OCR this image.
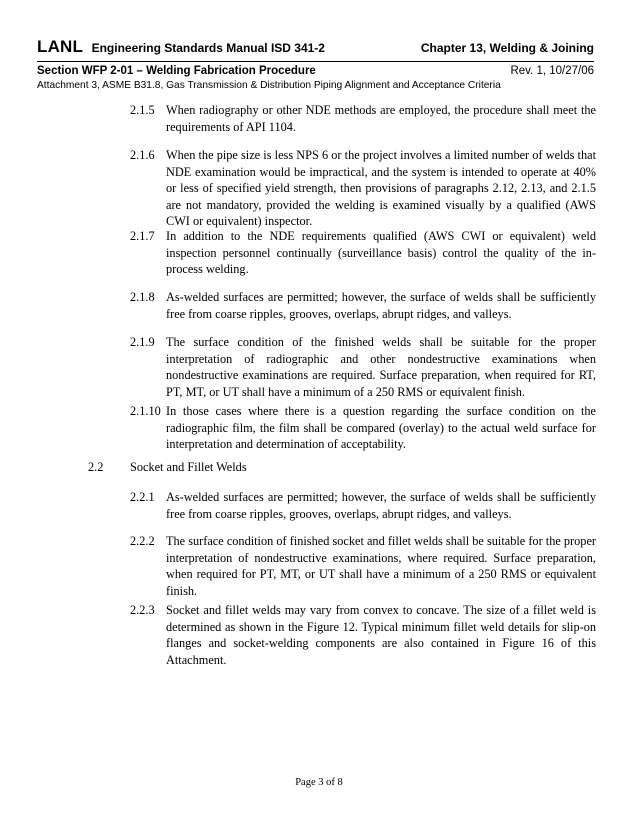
LANL Engineering Standards Manual ISD 341-2	Chapter 13, Welding & Joining
Section WFP 2-01 – Welding Fabrication Procedure	Rev. 1, 10/27/06
Attachment 3, ASME B31.8, Gas Transmission & Distribution Piping Alignment and Acceptance Criteria
2.1.5 When radiography or other NDE methods are employed, the procedure shall meet the requirements of API 1104.
2.1.6 When the pipe size is less NPS 6 or the project involves a limited number of welds that NDE examination would be impractical, and the system is intended to operate at 40% or less of specified yield strength, then provisions of paragraphs 2.12, 2.13, and 2.1.5 are not mandatory, provided the welding is examined visually by a qualified (AWS CWI or equivalent) inspector.
2.1.7 In addition to the NDE requirements qualified (AWS CWI or equivalent) weld inspection personnel continually (surveillance basis) control the quality of the in-process welding.
2.1.8 As-welded surfaces are permitted; however, the surface of welds shall be sufficiently free from coarse ripples, grooves, overlaps, abrupt ridges, and valleys.
2.1.9 The surface condition of the finished welds shall be suitable for the proper interpretation of radiographic and other nondestructive examinations when nondestructive examinations are required. Surface preparation, when required for RT, PT, MT, or UT shall have a minimum of a 250 RMS or equivalent finish.
2.1.10 In those cases where there is a question regarding the surface condition on the radiographic film, the film shall be compared (overlay) to the actual weld surface for interpretation and determination of acceptability.
2.2 Socket and Fillet Welds
2.2.1 As-welded surfaces are permitted; however, the surface of welds shall be sufficiently free from coarse ripples, grooves, overlaps, abrupt ridges, and valleys.
2.2.2 The surface condition of finished socket and fillet welds shall be suitable for the proper interpretation of nondestructive examinations, where required. Surface preparation, when required for PT, MT, or UT shall have a minimum of a 250 RMS or equivalent finish.
2.2.3 Socket and fillet welds may vary from convex to concave. The size of a fillet weld is determined as shown in the Figure 12. Typical minimum fillet weld details for slip-on flanges and socket-welding components are also contained in Figure 16 of this Attachment.
Page 3 of 8
